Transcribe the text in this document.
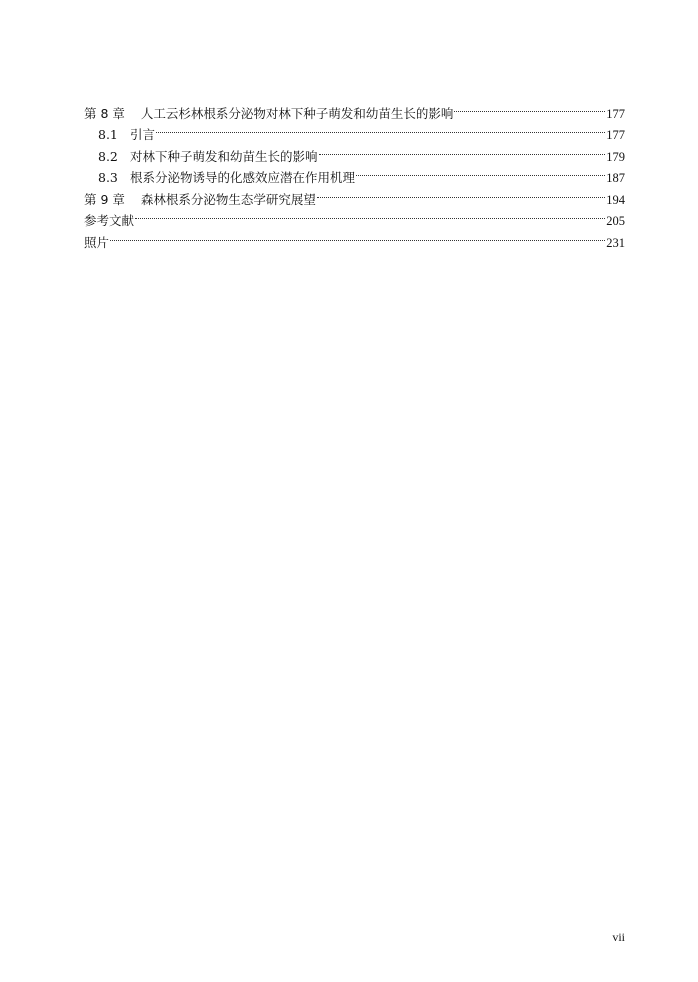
第 8 章 人工云杉林根系分泌物对林下种子萌发和幼苗生长的影响	177
8.1 引言	177
8.2 对林下种子萌发和幼苗生长的影响	179
8.3 根系分泌物诱导的化感效应潜在作用机理	187
第 9 章 森林根系分泌物生态学研究展望	194
参考文献	205
照片	231
vii
